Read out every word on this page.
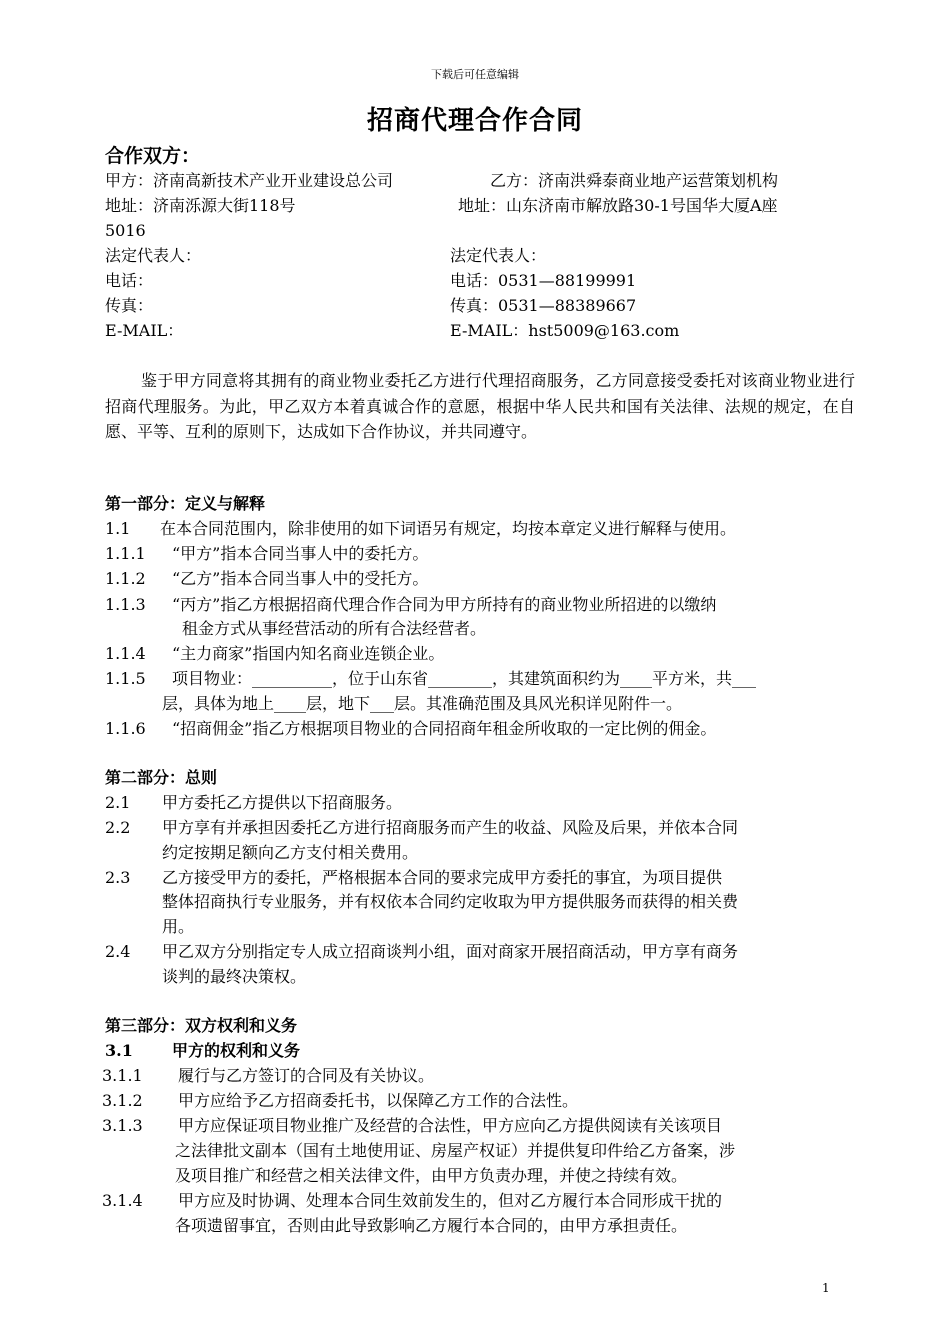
下载后可任意编辑
招商代理合作合同
合作双方：
甲方：济南高新技术产业开业建设总公司	乙方：济南洪舜泰商业地产运营策划机构
地址：济南泺源大街118号	地址：山东济南市解放路30-1号国华大厦A座
5016
法定代表人：	法定代表人：
电话：	电话：0531—88199991
传真：	传真：0531—88389667
E-MAIL：	E-MAIL：hst5009@163.com
鉴于甲方同意将其拥有的商业物业委托乙方进行代理招商服务，乙方同意接受委托对该商业物业进行招商代理服务。为此，甲乙双方本着真诚合作的意愿，根据中华人民共和国有关法律、法规的规定，在自愿、平等、互利的原则下，达成如下合作协议，并共同遵守。
第一部分：定义与解释
1.1 在本合同范围内，除非使用的如下词语另有规定，均按本章定义进行解释与使用。
1.1.1 “甲方”指本合同当事人中的委托方。
1.1.2 “乙方”指本合同当事人中的受托方。
1.1.3 “丙方”指乙方根据招商代理合作合同为甲方所持有的商业物业所招进的以缴纳
租金方式从事经营活动的所有合法经营者。
1.1.4 “主力商家”指国内知名商业连锁企业。
1.1.5 项目物业：__________，位于山东省________，其建筑面积约为____平方米，共___
层，具体为地上____层，地下___层。其准确范围及具风光积详见附件一。
1.1.6 “招商佣金”指乙方根据项目物业的合同招商年租金所收取的一定比例的佣金。
第二部分：总则
2.1 甲方委托乙方提供以下招商服务。
2.2 甲方享有并承担因委托乙方进行招商服务而产生的收益、风险及后果，并依本合同
约定按期足额向乙方支付相关费用。
2.3 乙方接受甲方的委托，严格根据本合同的要求完成甲方委托的事宜，为项目提供
整体招商执行专业服务，并有权依本合同约定收取为甲方提供服务而获得的相关费
用。
2.4 甲乙双方分别指定专人成立招商谈判小组，面对商家开展招商活动，甲方享有商务
谈判的最终决策权。
第三部分：双方权利和义务
3.1 甲方的权利和义务
3.1.1 履行与乙方签订的合同及有关协议。
3.1.2 甲方应给予乙方招商委托书，以保障乙方工作的合法性。
3.1.3 甲方应保证项目物业推广及经营的合法性，甲方应向乙方提供阅读有关该项目
之法律批文副本（国有土地使用证、房屋产权证）并提供复印件给乙方备案，涉
及项目推广和经营之相关法律文件，由甲方负责办理，并使之持续有效。
3.1.4 甲方应及时协调、处理本合同生效前发生的，但对乙方履行本合同形成干扰的
各项遗留事宜，否则由此导致影响乙方履行本合同的，由甲方承担责任。
1
